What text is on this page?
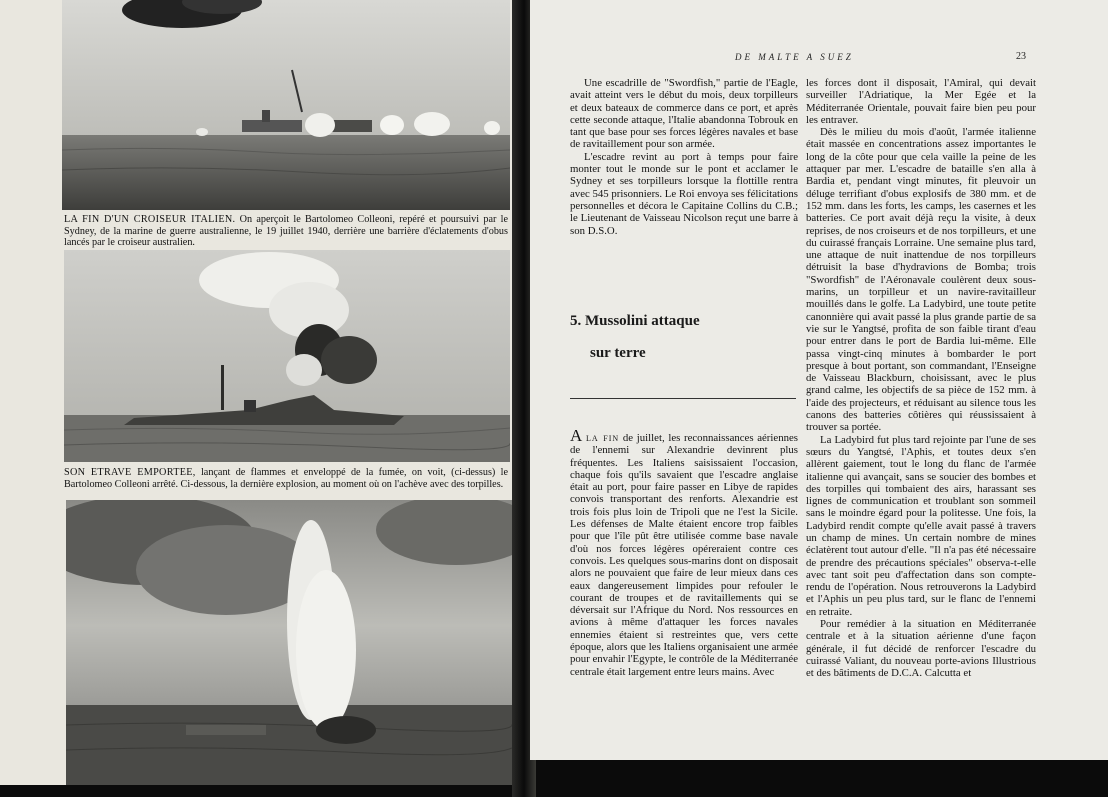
LA FIN D'UN CROISEUR ITALIEN. On aperçoit le Bartolomeo Colleoni, repéré et poursuivi par le Sydney, de la marine de guerre australienne, le 19 juillet 1940, derrière une barrière d'éclatements d'obus lancés par le croiseur australien.

SON ETRAVE EMPORTEE, lançant de flammes et enveloppé de la fumée, on voit, (ci-dessus) le Bartolomeo Colleoni arrêté. Ci-dessous, la dernière explosion, au moment où on l'achève avec des torpilles.

DE MALTE A SUEZ	23

Une escadrille de "Swordfish," partie de l'Eagle, avait atteint vers le début du mois, deux torpilleurs et deux bateaux de commerce dans ce port, et après cette seconde attaque, l'Italie abandonna Tobrouk en tant que base pour ses forces légères navales et base de ravitaillement pour son armée.

L'escadre revint au port à temps pour faire monter tout le monde sur le pont et acclamer le Sydney et ses torpilleurs lorsque la flottille rentra avec 545 prisonniers. Le Roi envoya ses félicitations personnelles et décora le Capitaine Collins du C.B.; le Lieutenant de Vaisseau Nicolson reçut une barre à son D.S.O.

5. Mussolini attaque
sur terre

A la fin de juillet, les reconnaissances aériennes de l'ennemi sur Alexandrie devinrent plus fréquentes. Les Italiens saisissaient l'occasion, chaque fois qu'ils savaient que l'escadre anglaise était au port, pour faire passer en Libye de rapides convois transportant des renforts. Alexandrie est trois fois plus loin de Tripoli que ne l'est la Sicile. Les défenses de Malte étaient encore trop faibles pour que l'île pût être utilisée comme base navale d'où nos forces légères opéreraient contre ces convois. Les quelques sous-marins dont on disposait alors ne pouvaient que faire de leur mieux dans ces eaux dangereusement limpides pour refouler le courant de troupes et de ravitaillements qui se déversait sur l'Afrique du Nord. Nos ressources en avions à même d'attaquer les forces navales ennemies étaient si restreintes que, vers cette époque, alors que les Italiens organisaient une armée pour envahir l'Egypte, le contrôle de la Méditerranée centrale était largement entre leurs mains. Avec

les forces dont il disposait, l'Amiral, qui devait surveiller l'Adriatique, la Mer Egée et la Méditerranée Orientale, pouvait faire bien peu pour les entraver.

Dès le milieu du mois d'août, l'armée italienne était massée en concentrations assez importantes le long de la côte pour que cela vaille la peine de les attaquer par mer. L'escadre de bataille s'en alla à Bardia et, pendant vingt minutes, fit pleuvoir un déluge terrifiant d'obus explosifs de 380 mm. et de 152 mm. dans les forts, les camps, les casernes et les batteries. Ce port avait déjà reçu la visite, à deux reprises, de nos croiseurs et de nos torpilleurs, et une du cuirassé français Lorraine. Une semaine plus tard, une attaque de nuit inattendue de nos torpilleurs détruisit la base d'hydravions de Bomba; trois "Swordfish" de l'Aéronavale coulèrent deux sous-marins, un torpilleur et un navire-ravitailleur mouillés dans le golfe. La Ladybird, une toute petite canonnière qui avait passé la plus grande partie de sa vie sur le Yangtsé, profita de son faible tirant d'eau pour entrer dans le port de Bardia lui-même. Elle passa vingt-cinq minutes à bombarder le port presque à bout portant, son commandant, l'Enseigne de Vaisseau Blackburn, choisissant, avec le plus grand calme, les objectifs de sa pièce de 152 mm. à l'aide des projecteurs, et réduisant au silence tous les canons des batteries côtières qui réussissaient à trouver sa portée.

La Ladybird fut plus tard rejointe par l'une de ses sœurs du Yangtsé, l'Aphis, et toutes deux s'en allèrent gaiement, tout le long du flanc de l'armée italienne qui avançait, sans se soucier des bombes et des torpilles qui tombaient des airs, harassant ses lignes de communication et troublant son sommeil sans le moindre égard pour la politesse. Une fois, la Ladybird rendit compte qu'elle avait passé à travers un champ de mines. Un certain nombre de mines éclatèrent tout autour d'elle. "Il n'a pas été nécessaire de prendre des précautions spéciales" observa-t-elle avec tant soit peu d'affectation dans son compte-rendu de l'opération. Nous retrouverons la Ladybird et l'Aphis un peu plus tard, sur le flanc de l'ennemi en retraite.

Pour remédier à la situation en Méditerranée centrale et à la situation aérienne d'une façon générale, il fut décidé de renforcer l'escadre du cuirassé Valiant, du nouveau porte-avions Illustrious et des bâtiments de D.C.A. Calcutta et
